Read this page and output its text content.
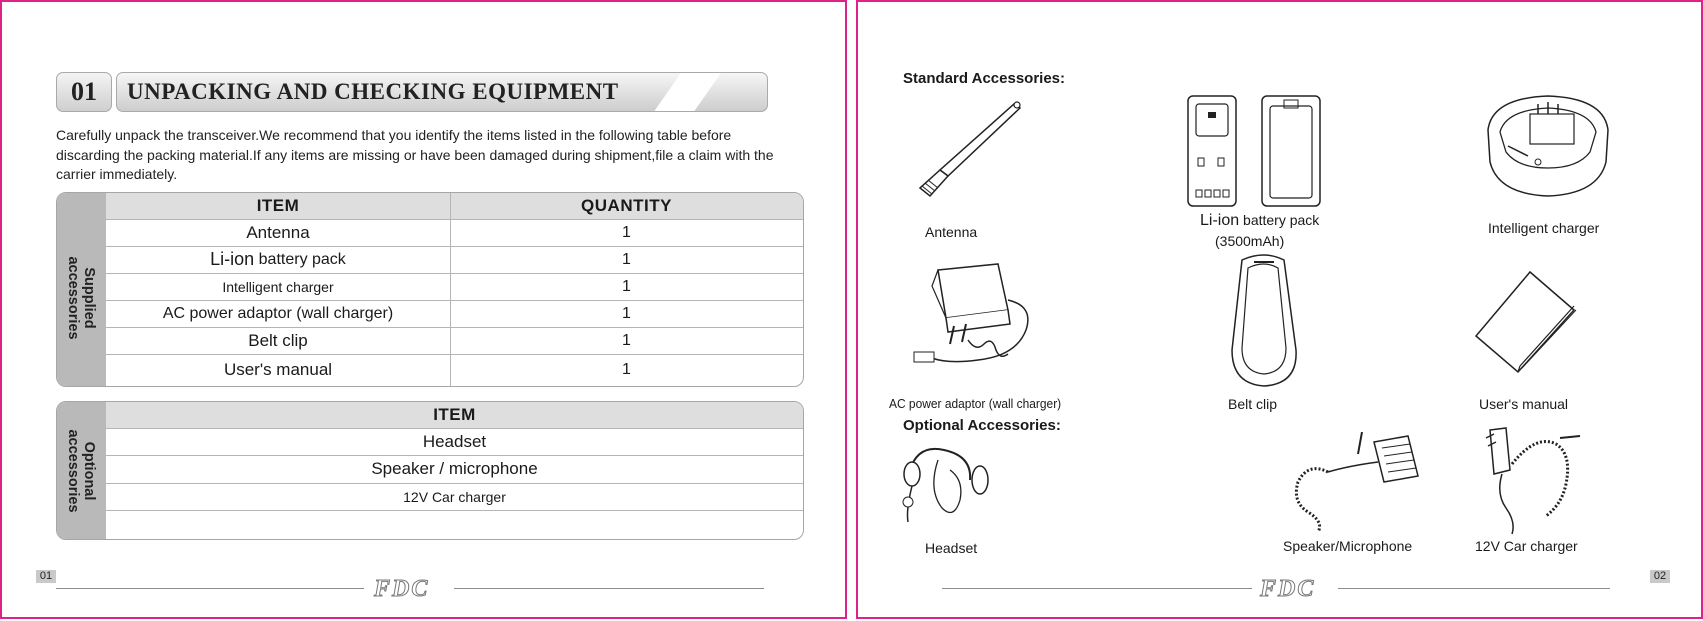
01	UNPACKING AND CHECKING EQUIPMENT
Carefully unpack the transceiver.We recommend that you identify the items listed in the following table before discarding the packing material.If any items are missing or have been damaged during shipment,file a claim with the carrier immediately.
Supplied
accessories
ITEM	QUANTITY
Antenna	1
Li-ion battery pack	1
Intelligent charger	1
AC power adaptor (wall charger)	1
Belt clip	1
User's manual	1
Optional
accessories
ITEM
Headset
Speaker / microphone
12V Car charger
01	FDC
Standard Accessories:
Antenna
Li-ion battery pack
(3500mAh)
Intelligent charger
AC power adaptor (wall charger)	Belt clip	User's manual
Optional Accessories:
Headset	Speaker/Microphone	12V Car charger
FDC	02
